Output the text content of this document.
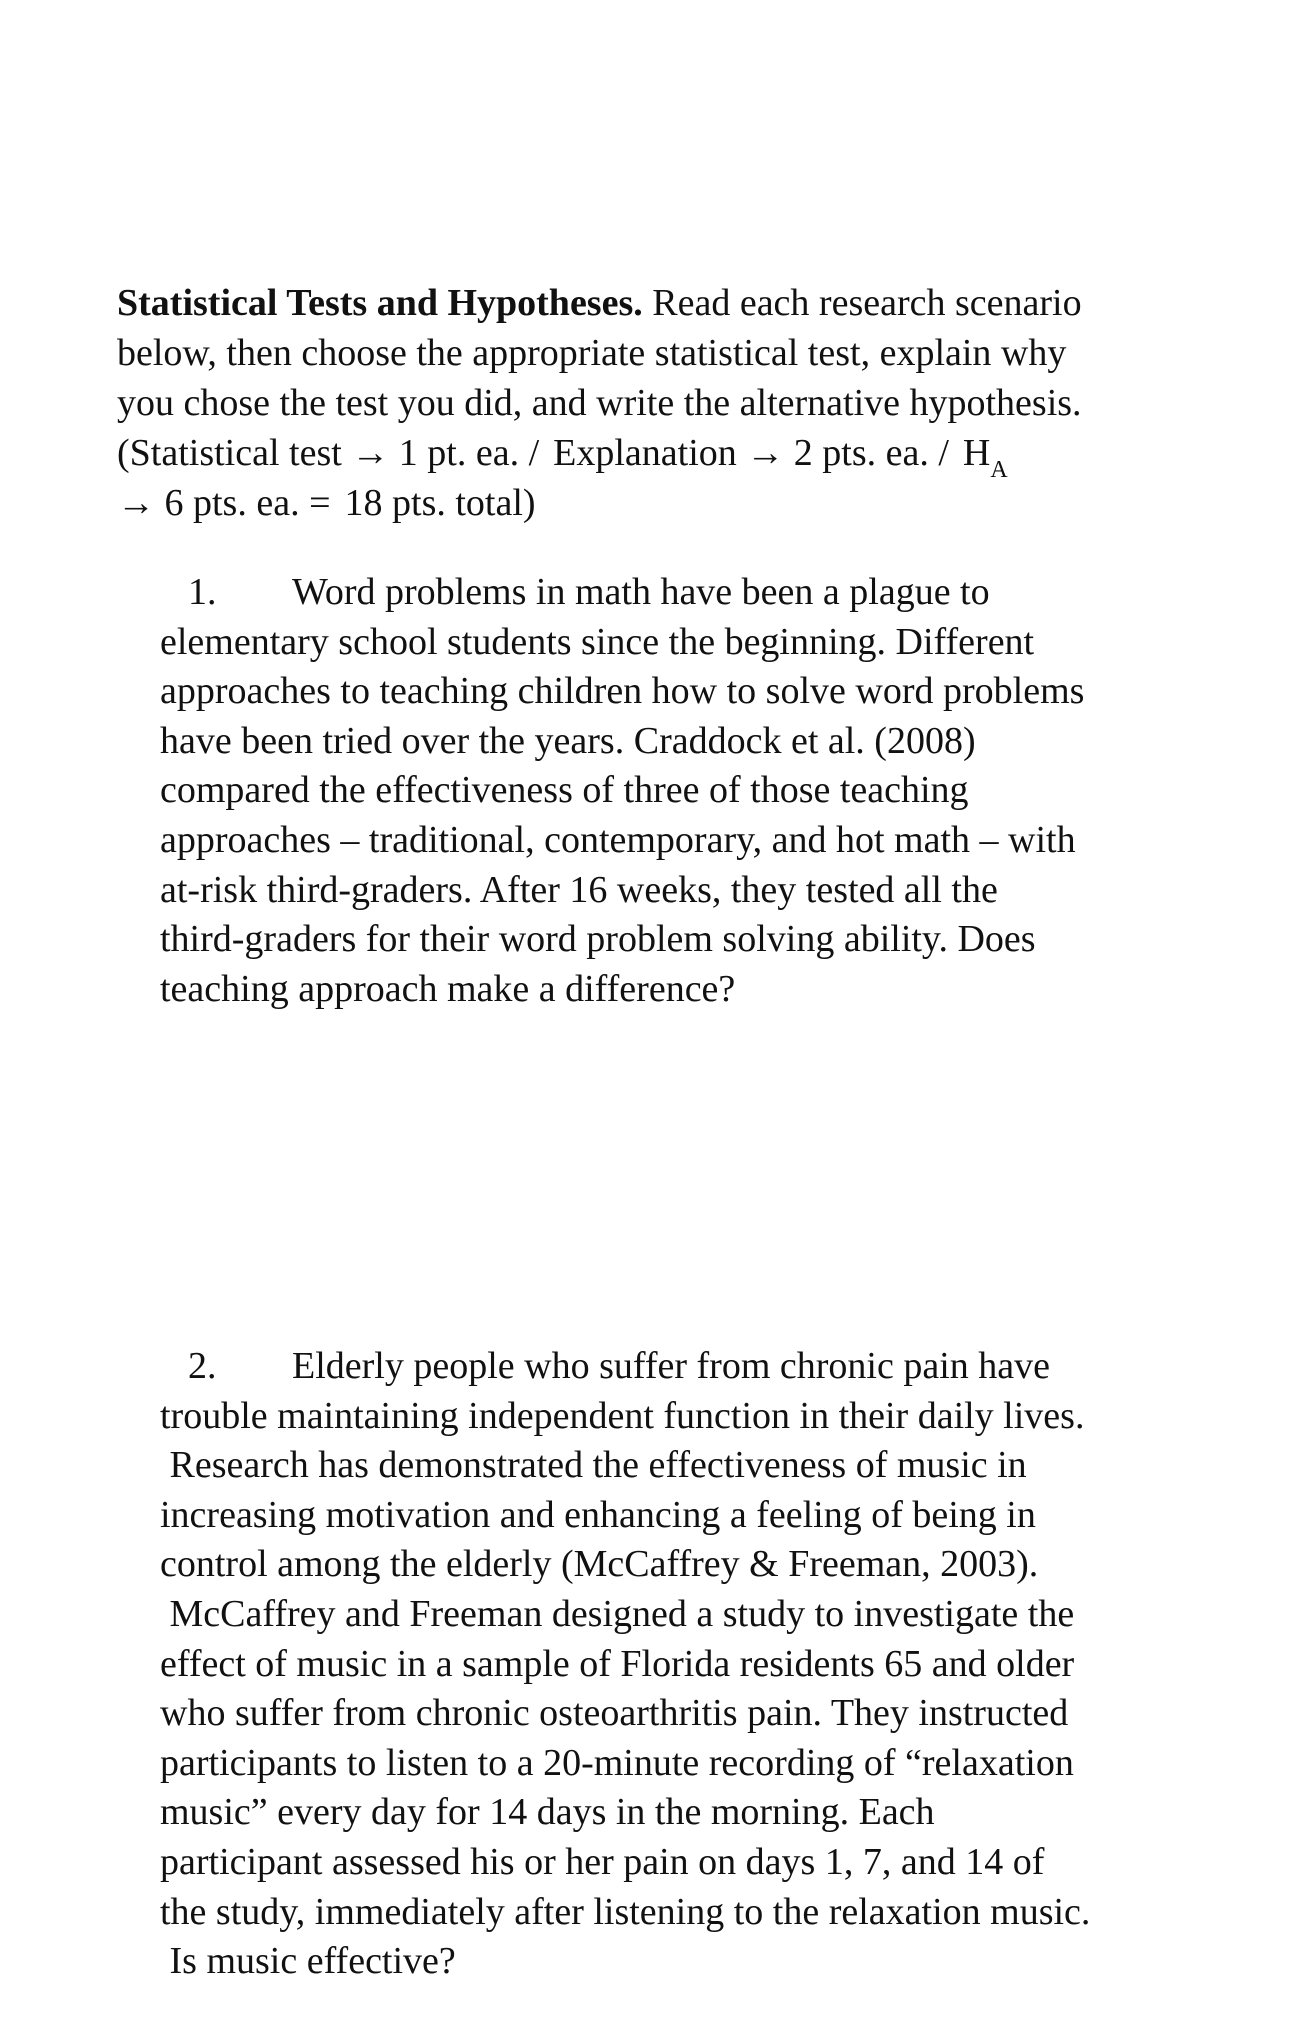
Statistical Tests and Hypotheses. Read each research scenario
below, then choose the appropriate statistical test, explain why
you chose the test you did, and write the alternative hypothesis.
(Statistical test → 1 pt. ea. / Explanation → 2 pts. ea. / $H_A$
→ 6 pts. ea. = 18 pts. total)
1. Word problems in math have been a plague to
elementary school students since the beginning. Different
approaches to teaching children how to solve word problems
have been tried over the years. Craddock et al. (2008)
compared the effectiveness of three of those teaching
approaches – traditional, contemporary, and hot math – with
at-risk third-graders. After 16 weeks, they tested all the
third-graders for their word problem solving ability. Does
teaching approach make a difference?
2. Elderly people who suffer from chronic pain have
trouble maintaining independent function in their daily lives.
Research has demonstrated the effectiveness of music in
increasing motivation and enhancing a feeling of being in
control among the elderly (McCaffrey & Freeman, 2003).
McCaffrey and Freeman designed a study to investigate the
effect of music in a sample of Florida residents 65 and older
who suffer from chronic osteoarthritis pain. They instructed
participants to listen to a 20-minute recording of “relaxation
music” every day for 14 days in the morning. Each
participant assessed his or her pain on days 1, 7, and 14 of
the study, immediately after listening to the relaxation music.
Is music effective?
